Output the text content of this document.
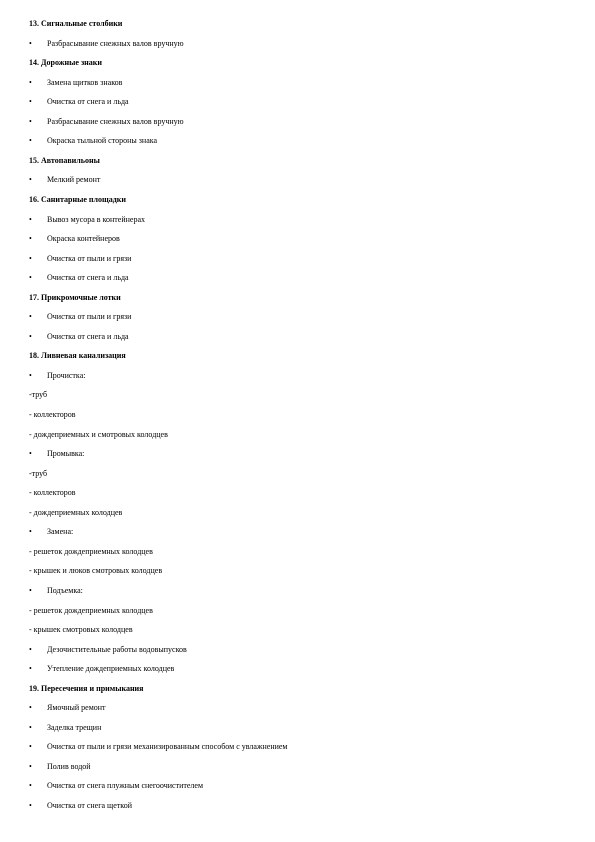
13. Сигнальные столбики
• Разбрасывание снежных валов вручную
14. Дорожные знаки
• Замена щитков знаков
• Очистка от снега и льда
• Разбрасывание снежных валов вручную
• Окраска тыльной стороны знака
15. Автопавильоны
• Мелкий ремонт
16. Санитарные площадки
• Вывоз мусора в контейнерах
• Окраска контейнеров
• Очистка от пыли и грязи
• Очистка от снега и льда
17. Прикромочные лотки
• Очистка от пыли и грязи
• Очистка от снега и льда
18. Ливневая канализация
• Прочистка:
-труб
- коллекторов
- дождеприемных и смотровых колодцев
• Промывка:
-труб
- коллекторов
- дождеприемных колодцев
• Замена:
- решеток дождеприемных колодцев
- крышек и люков смотровых колодцев
• Подъемка:
- решеток дождеприемных колодцев
- крышек смотровых колодцев
• Дезочистительные работы водовыпусков
• Утепление дождеприемных колодцев
19. Пересечения и примыкания
• Ямочный ремонт
• Заделка трещин
• Очистка от пыли и грязи механизированным способом с увлажнением
• Полив водой
• Очистка от снега плужным снегоочистителем
• Очистка от снега щеткой
